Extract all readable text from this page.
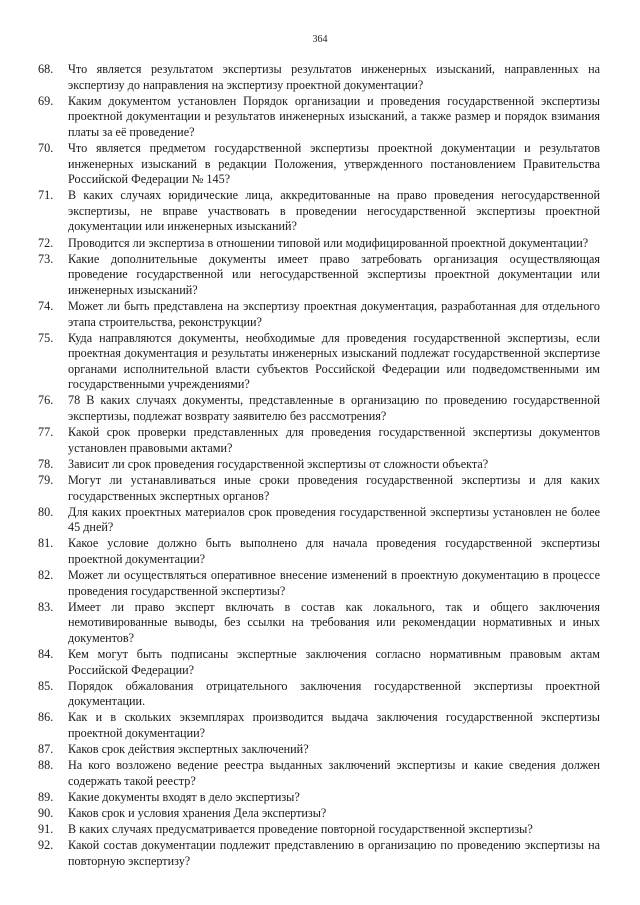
364
68.	Что является результатом экспертизы результатов инженерных изысканий, направленных на экспертизу до направления на экспертизу проектной документации?
69.	Каким документом установлен Порядок организации и проведения государственной экспертизы проектной документации и результатов инженерных изысканий, а также размер и порядок взимания платы за её проведение?
70.	Что является предметом государственной экспертизы проектной документации и результатов инженерных изысканий в редакции Положения, утвержденного постановлением Правительства Российской Федерации № 145?
71.	В каких случаях юридические лица, аккредитованные на право проведения негосударственной экспертизы, не вправе участвовать в проведении негосударственной экспертизы проектной документации или инженерных изысканий?
72.	Проводится ли экспертиза в отношении типовой или модифицированной проектной документации?
73.	Какие дополнительные документы имеет право затребовать организация осуществляющая проведение государственной или негосударственной экспертизы проектной документации или инженерных изысканий?
74.	Может ли быть представлена на экспертизу проектная документация, разработанная для отдельного этапа строительства, реконструкции?
75.	Куда направляются документы, необходимые для проведения государственной экспертизы, если проектная документация и результаты инженерных изысканий подлежат государственной экспертизе органами исполнительной власти субъектов Российской Федерации или подведомственными им государственными учреждениями?
76.	78 В каких случаях документы, представленные в организацию по проведению государственной экспертизы, подлежат возврату заявителю без рассмотрения?
77.	Какой срок проверки представленных для проведения государственной экспертизы документов установлен правовыми актами?
78.	Зависит ли срок проведения государственной экспертизы от сложности объекта?
79.	Могут ли устанавливаться иные сроки проведения государственной экспертизы и для каких государственных экспертных органов?
80.	Для каких проектных материалов срок проведения государственной экспертизы установлен не более 45 дней?
81.	Какое условие должно быть выполнено для начала проведения государственной экспертизы проектной документации?
82.	Может ли осуществляться оперативное внесение изменений в проектную документацию в процессе проведения государственной экспертизы?
83.	Имеет ли право эксперт включать в состав как локального, так и общего заключения немотивированные выводы, без ссылки на требования или рекомендации нормативных и иных документов?
84.	Кем могут быть подписаны экспертные заключения согласно нормативным правовым актам Российской Федерации?
85.	Порядок обжалования отрицательного заключения государственной экспертизы проектной документации.
86.	Как и в скольких экземплярах производится выдача заключения государственной экспертизы проектной документации?
87.	Каков срок действия экспертных заключений?
88.	На кого возложено ведение реестра выданных заключений экспертизы и какие сведения должен содержать такой реестр?
89.	Какие документы входят в дело экспертизы?
90.	Каков срок и условия хранения Дела экспертизы?
91.	В каких случаях предусматривается проведение повторной государственной экспертизы?
92.	Какой состав документации подлежит представлению в организацию по проведению экспертизы на повторную экспертизу?
